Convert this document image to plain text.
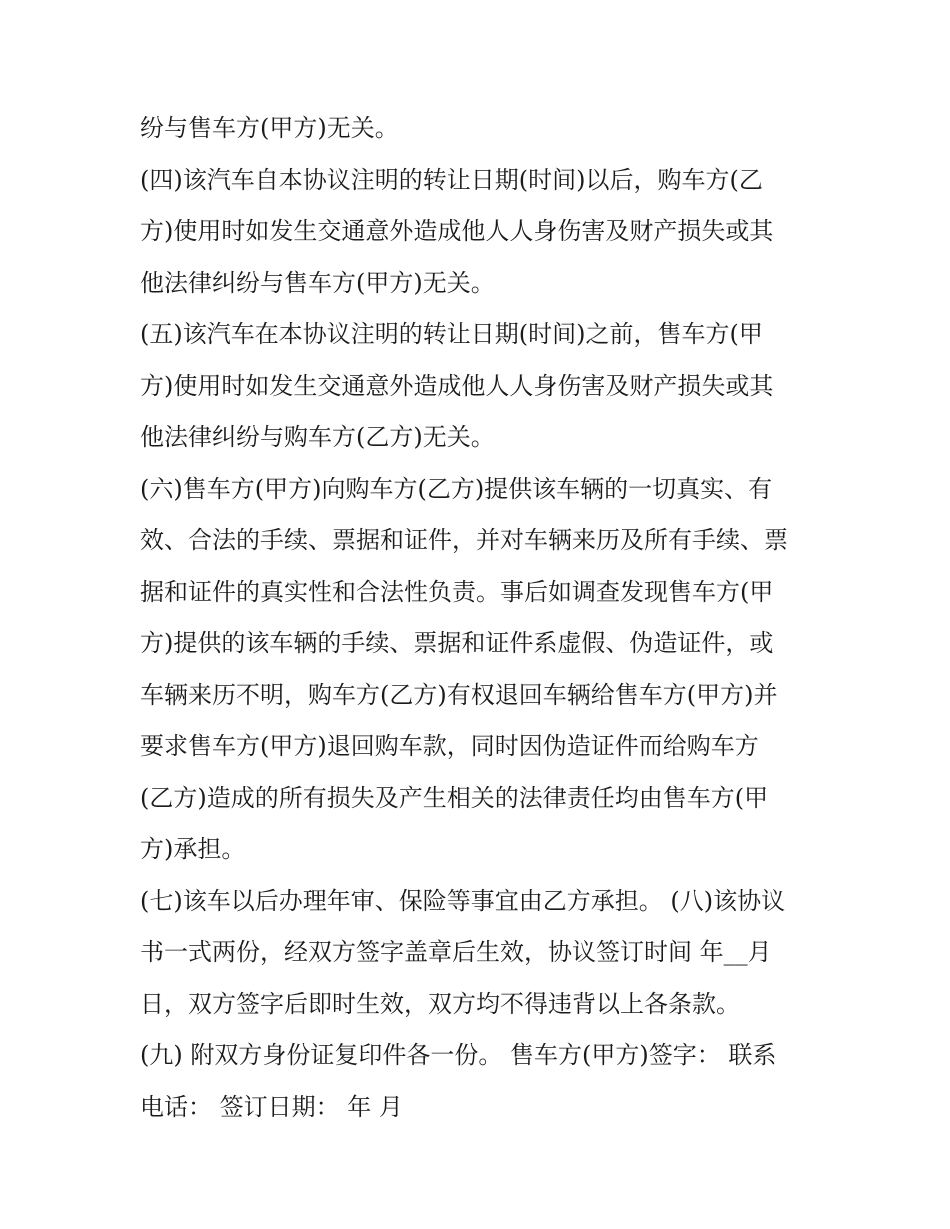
纷与售车方(甲方)无关。

(四)该汽车自本协议注明的转让日期(时间)以后，购车方(乙

方)使用时如发生交通意外造成他人人身伤害及财产损失或其

他法律纠纷与售车方(甲方)无关。

(五)该汽车在本协议注明的转让日期(时间)之前，售车方(甲

方)使用时如发生交通意外造成他人人身伤害及财产损失或其

他法律纠纷与购车方(乙方)无关。

(六)售车方(甲方)向购车方(乙方)提供该车辆的一切真实、有

效、合法的手续、票据和证件，并对车辆来历及所有手续、票

据和证件的真实性和合法性负责。事后如调查发现售车方(甲

方)提供的该车辆的手续、票据和证件系虚假、伪造证件，或

车辆来历不明，购车方(乙方)有权退回车辆给售车方(甲方)并

要求售车方(甲方)退回购车款，同时因伪造证件而给购车方

(乙方)造成的所有损失及产生相关的法律责任均由售车方(甲

方)承担。

(七)该车以后办理年审、保险等事宜由乙方承担。 (八)该协议

书一式两份，经双方签字盖章后生效，协议签订时间 年__月

日，双方签字后即时生效，双方均不得违背以上各条款。

(九) 附双方身份证复印件各一份。 售车方(甲方)签字： 联系

电话： 签订日期： 年 月
